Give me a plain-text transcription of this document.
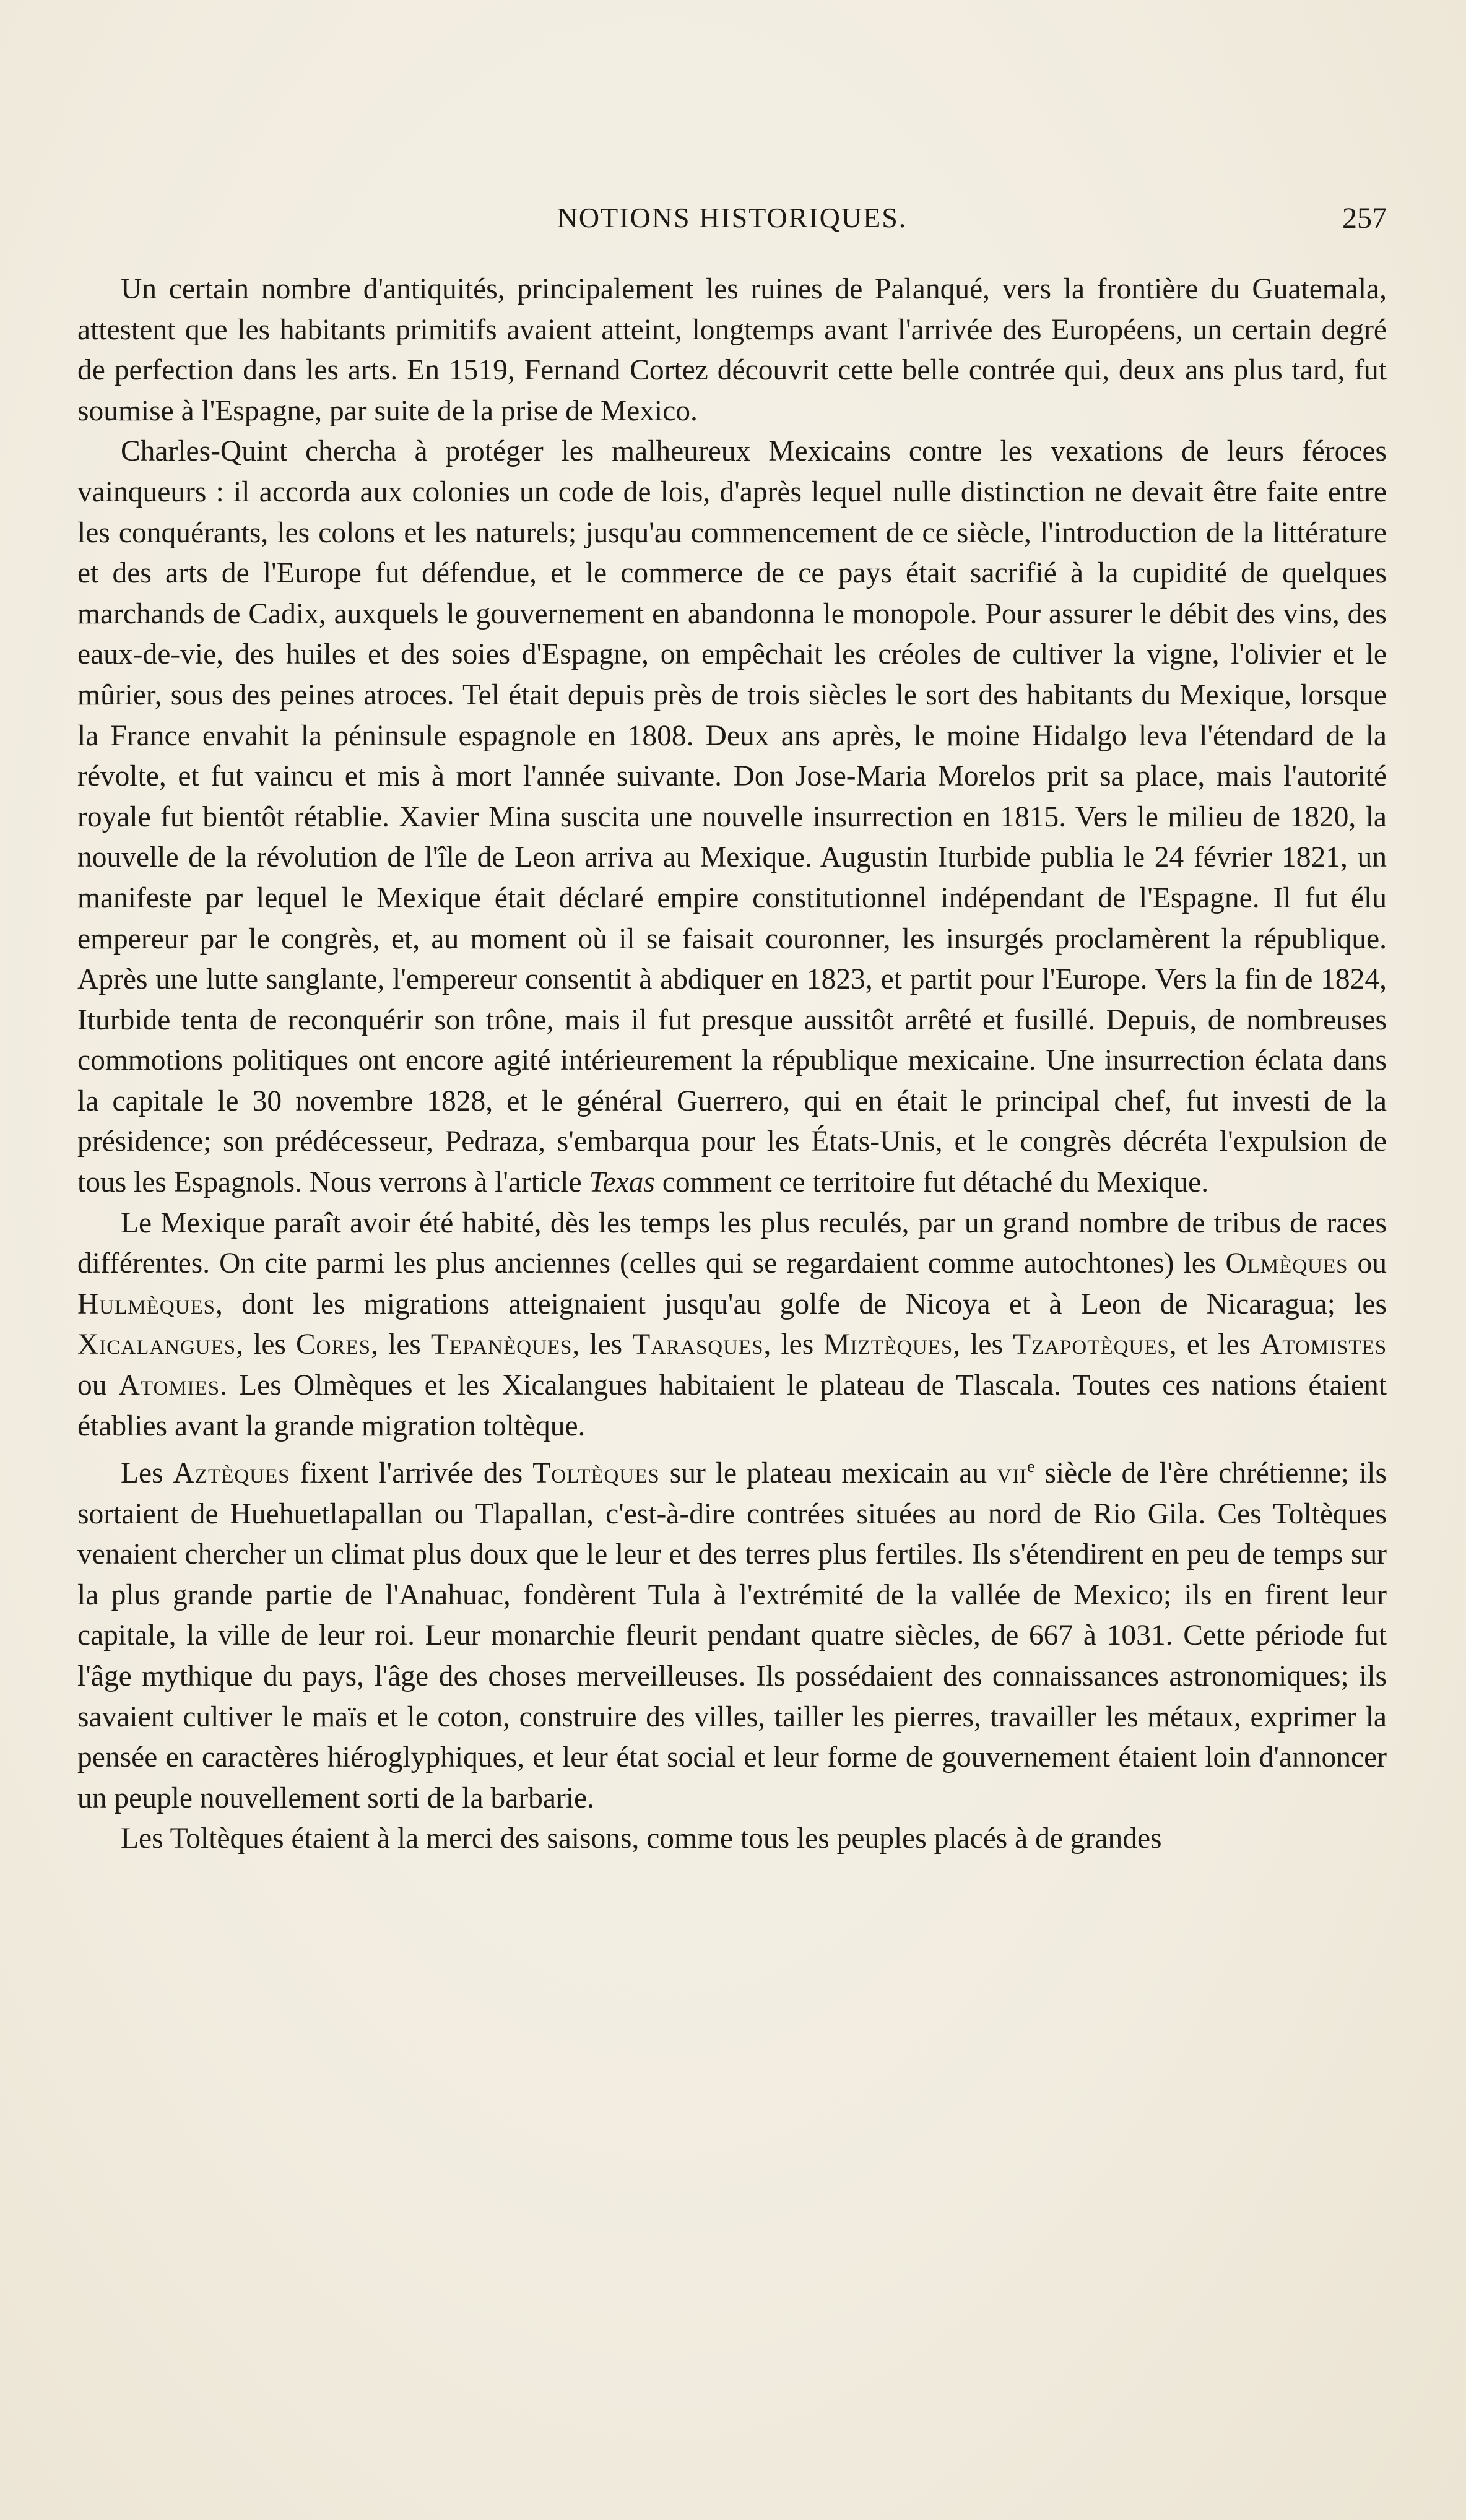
NOTIONS HISTORIQUES.	257

Un certain nombre d'antiquités, principalement les ruines de Palanqué, vers la frontière du Guatemala, attestent que les habitants primitifs avaient atteint, longtemps avant l'arrivée des Européens, un certain degré de perfection dans les arts. En 1519, Fernand Cortez découvrit cette belle contrée qui, deux ans plus tard, fut soumise à l'Espagne, par suite de la prise de Mexico.

Charles-Quint chercha à protéger les malheureux Mexicains contre les vexations de leurs féroces vainqueurs : il accorda aux colonies un code de lois, d'après lequel nulle distinction ne devait être faite entre les conquérants, les colons et les naturels; jusqu'au commencement de ce siècle, l'introduction de la littérature et des arts de l'Europe fut défendue, et le commerce de ce pays était sacrifié à la cupidité de quelques marchands de Cadix, auxquels le gouvernement en abandonna le monopole. Pour assurer le débit des vins, des eaux-de-vie, des huiles et des soies d'Espagne, on empêchait les créoles de cultiver la vigne, l'olivier et le mûrier, sous des peines atroces. Tel était depuis près de trois siècles le sort des habitants du Mexique, lorsque la France envahit la péninsule espagnole en 1808. Deux ans après, le moine Hidalgo leva l'étendard de la révolte, et fut vaincu et mis à mort l'année suivante. Don Jose-Maria Morelos prit sa place, mais l'autorité royale fut bientôt rétablie. Xavier Mina suscita une nouvelle insurrection en 1815. Vers le milieu de 1820, la nouvelle de la révolution de l'île de Leon arriva au Mexique. Augustin Iturbide publia le 24 février 1821, un manifeste par lequel le Mexique était déclaré empire constitutionnel indépendant de l'Espagne. Il fut élu empereur par le congrès, et, au moment où il se faisait couronner, les insurgés proclamèrent la république. Après une lutte sanglante, l'empereur consentit à abdiquer en 1823, et partit pour l'Europe. Vers la fin de 1824, Iturbide tenta de reconquérir son trône, mais il fut presque aussitôt arrêté et fusillé. Depuis, de nombreuses commotions politiques ont encore agité intérieurement la république mexicaine. Une insurrection éclata dans la capitale le 30 novembre 1828, et le général Guerrero, qui en était le principal chef, fut investi de la présidence; son prédécesseur, Pedraza, s'embarqua pour les États-Unis, et le congrès décréta l'expulsion de tous les Espagnols. Nous verrons à l'article Texas comment ce territoire fut détaché du Mexique.

Le Mexique paraît avoir été habité, dès les temps les plus reculés, par un grand nombre de tribus de races différentes. On cite parmi les plus anciennes (celles qui se regardaient comme autochtones) les Olmèques ou Hulmèques, dont les migrations atteignaient jusqu'au golfe de Nicoya et à Leon de Nicaragua; les Xicalangues, les Cores, les Tepanèques, les Tarasques, les Miztèques, les Tzapotèques, et les Atomistes ou Atomies. Les Olmèques et les Xicalangues habitaient le plateau de Tlascala. Toutes ces nations étaient établies avant la grande migration toltèque.

Les Aztèques fixent l'arrivée des Toltèques sur le plateau mexicain au vii$^e$ siècle de l'ère chrétienne; ils sortaient de Huehuetlapallan ou Tlapallan, c'est-à-dire contrées situées au nord de Rio Gila. Ces Toltèques venaient chercher un climat plus doux que le leur et des terres plus fertiles. Ils s'étendirent en peu de temps sur la plus grande partie de l'Anahuac, fondèrent Tula à l'extrémité de la vallée de Mexico; ils en firent leur capitale, la ville de leur roi. Leur monarchie fleurit pendant quatre siècles, de 667 à 1031. Cette période fut l'âge mythique du pays, l'âge des choses merveilleuses. Ils possédaient des connaissances astronomiques; ils savaient cultiver le maïs et le coton, construire des villes, tailler les pierres, travailler les métaux, exprimer la pensée en caractères hiéroglyphiques, et leur état social et leur forme de gouvernement étaient loin d'annoncer un peuple nouvellement sorti de la barbarie.

Les Toltèques étaient à la merci des saisons, comme tous les peuples placés à de grandes
